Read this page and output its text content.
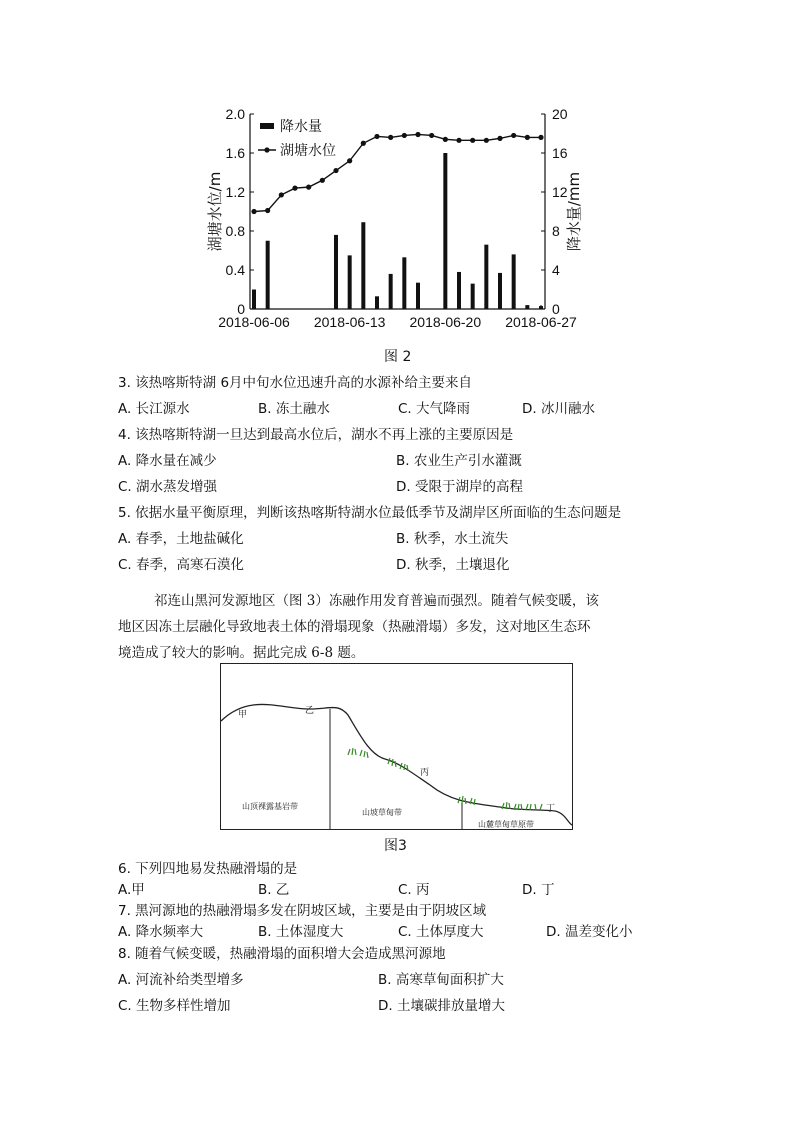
0
0.4
0.8
1.2
1.6
2.0
0
4
8
12
16
20
2018-06-06 2018-06-13 2018-06-20 2018-06-27
湖塘水位/m	降水量/mm
降水量
湖塘水位
图 2
3. 该热喀斯特湖 6月中旬水位迅速升高的水源补给主要来自
A. 长江源水	B. 冻土融水	C. 大气降雨	D. 冰川融水
4. 该热喀斯特湖一旦达到最高水位后，湖水不再上涨的主要原因是
A. 降水量在减少	B. 农业生产引水灌溉
C. 湖水蒸发增强	D. 受限于湖岸的高程
5. 依据水量平衡原理，判断该热喀斯特湖水位最低季节及湖岸区所面临的生态问题是
A. 春季，土地盐碱化	B. 秋季，水土流失
C. 春季，高寒石漠化	D. 秋季，土壤退化
祁连山黑河发源地区（图 3）冻融作用发育普遍而强烈。随着气候变暖，该
地区因冻土层融化导致地表土体的滑塌现象（热融滑塌）多发，这对地区生态环
境造成了较大的影响。据此完成 6-8 题。
甲	乙
丙
丁
山顶裸露基岩带
山坡草甸带
山麓草甸草原带
图3
6. 下列四地易发热融滑塌的是
A.甲	B. 乙	C. 丙	D. 丁
7. 黑河源地的热融滑塌多发在阴坡区域，主要是由于阴坡区域
A. 降水频率大	B. 土体湿度大	C. 土体厚度大	D. 温差变化小
8. 随着气候变暖，热融滑塌的面积增大会造成黑河源地
A. 河流补给类型增多	B. 高寒草甸面积扩大
C. 生物多样性增加	D. 土壤碳排放量增大
